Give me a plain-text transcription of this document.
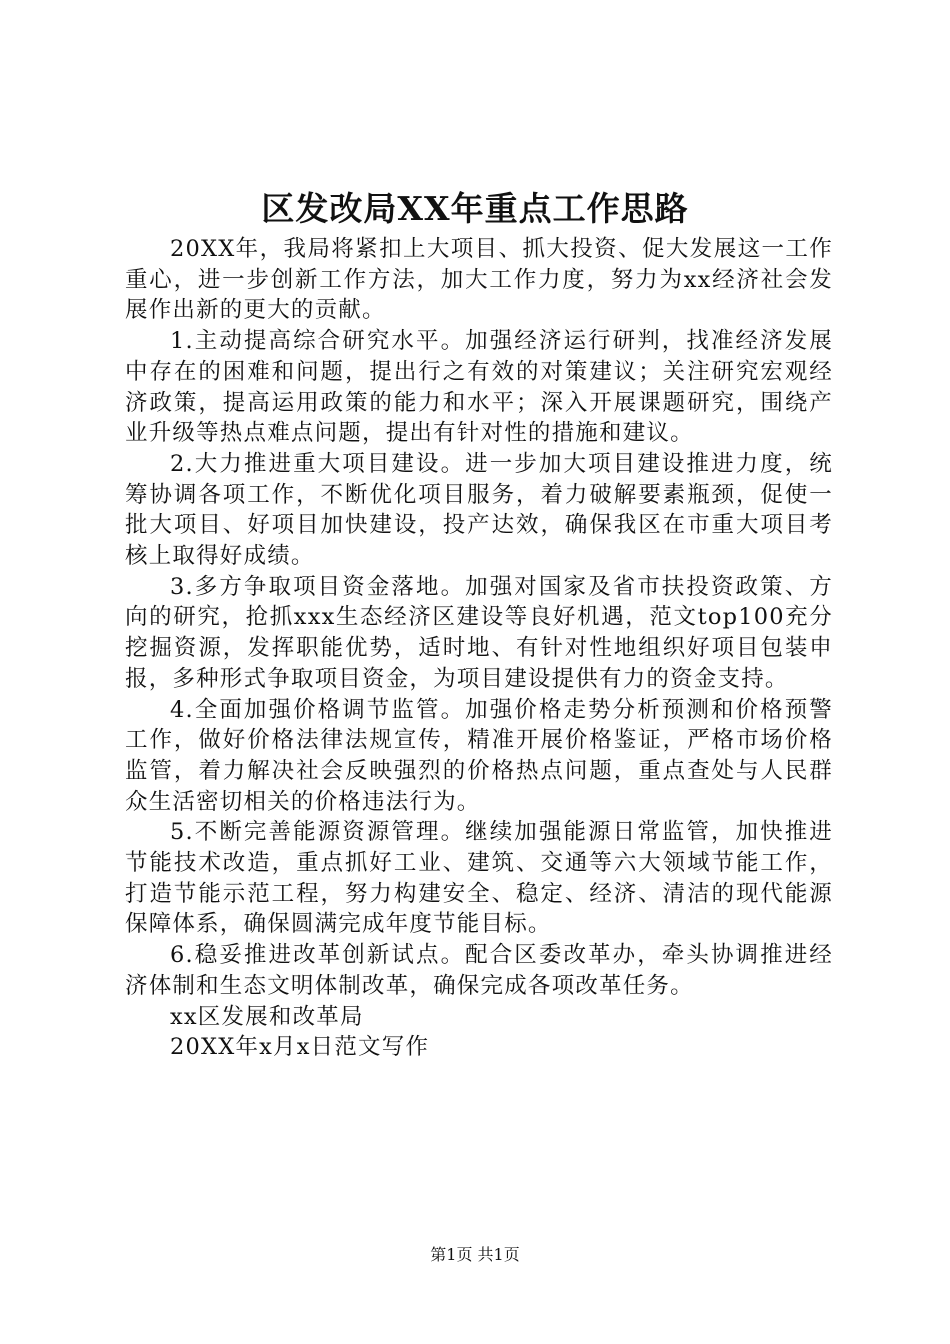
区发改局XX年重点工作思路

20XX年，我局将紧扣上大项目、抓大投资、促大发展这一工作重心，进一步创新工作方法，加大工作力度，努力为xx经济社会发展作出新的更大的贡献。

1.主动提高综合研究水平。加强经济运行研判，找准经济发展中存在的困难和问题，提出行之有效的对策建议；关注研究宏观经济政策，提高运用政策的能力和水平；深入开展课题研究，围绕产业升级等热点难点问题，提出有针对性的措施和建议。

2.大力推进重大项目建设。进一步加大项目建设推进力度，统筹协调各项工作，不断优化项目服务，着力破解要素瓶颈，促使一批大项目、好项目加快建设，投产达效，确保我区在市重大项目考核上取得好成绩。

3.多方争取项目资金落地。加强对国家及省市扶投资政策、方向的研究，抢抓xxx生态经济区建设等良好机遇，范文top100充分挖掘资源，发挥职能优势，适时地、有针对性地组织好项目包装申报，多种形式争取项目资金，为项目建设提供有力的资金支持。

4.全面加强价格调节监管。加强价格走势分析预测和价格预警工作，做好价格法律法规宣传，精准开展价格鉴证，严格市场价格监管，着力解决社会反映强烈的价格热点问题，重点查处与人民群众生活密切相关的价格违法行为。

5.不断完善能源资源管理。继续加强能源日常监管，加快推进节能技术改造，重点抓好工业、建筑、交通等六大领域节能工作，打造节能示范工程，努力构建安全、稳定、经济、清洁的现代能源保障体系，确保圆满完成年度节能目标。

6.稳妥推进改革创新试点。配合区委改革办，牵头协调推进经济体制和生态文明体制改革，确保完成各项改革任务。

xx区发展和改革局

20XX年x月x日范文写作

第1页 共1页
